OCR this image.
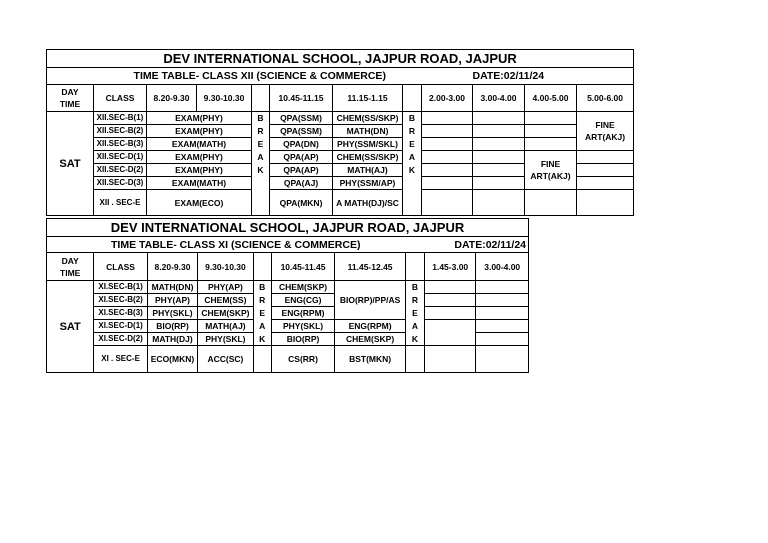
DEV INTERNATIONAL SCHOOL, JAJPUR ROAD, JAJPUR											
TIME TABLE- CLASS XII (SCIENCE & COMMERCE)									DATE:02/11/24		

DAY
TIME	CLASS	8.20-9.30	9.30-10.30		10.45-11.15	11.15-1.15		2.00-3.00	3.00-4.00	4.00-5.00	5.00-6.00
SAT	XII.SEC-B(1)	EXAM(PHY)		B	QPA(SSM)	CHEM(SS/SKP)	B				FINE
ART(AKJ)

	XII.SEC-B(2)	EXAM(PHY)		R	QPA(SSM)	MATH(DN)	R				
	XII.SEC-B(3)	EXAM(MATH)		E	QPA(DN)	PHY(SSM/SKL)	E				
	XII.SEC-D(1)	EXAM(PHY)		A	QPA(AP)	CHEM(SS/SKP)	A			FINE
ART(AKJ)	

	XII.SEC-D(2)	EXAM(PHY)		K	QPA(AP)	MATH(AJ)	K				
	XII.SEC-D(3)	EXAM(MATH)			QPA(AJ)	PHY(SSM/AP)					
	XII . SEC-E	EXAM(ECO)			QPA(MKN)	A MATH(DJ)/SC					
DEV INTERNATIONAL SCHOOL, JAJPUR ROAD, JAJPUR									
TIME TABLE- CLASS XI (SCIENCE & COMMERCE)								DATE:02/11/24	

DAY
TIME	CLASS	8.20-9.30	9.30-10.30		10.45-11.45	11.45-12.45		1.45-3.00	3.00-4.00
SAT	XI.SEC-B(1)	MATH(DN)	PHY(AP)	B	CHEM(SKP)	BIO(RP)/PP/AS	B		
	XI.SEC-B(2)	PHY(AP)	CHEM(SS)	R	ENG(CG)		R		
	XI.SEC-B(3)	PHY(SKL)	CHEM(SKP)	E	ENG(RPM)		E		
	XI.SEC-D(1)	BIO(RP)	MATH(AJ)	A	PHY(SKL)	ENG(RPM)	A		
	XI.SEC-D(2)	MATH(DJ)	PHY(SKL)	K	BIO(RP)	CHEM(SKP)	K		
	XI . SEC-E	ECO(MKN)	ACC(SC)		CS(RR)	BST(MKN)			
